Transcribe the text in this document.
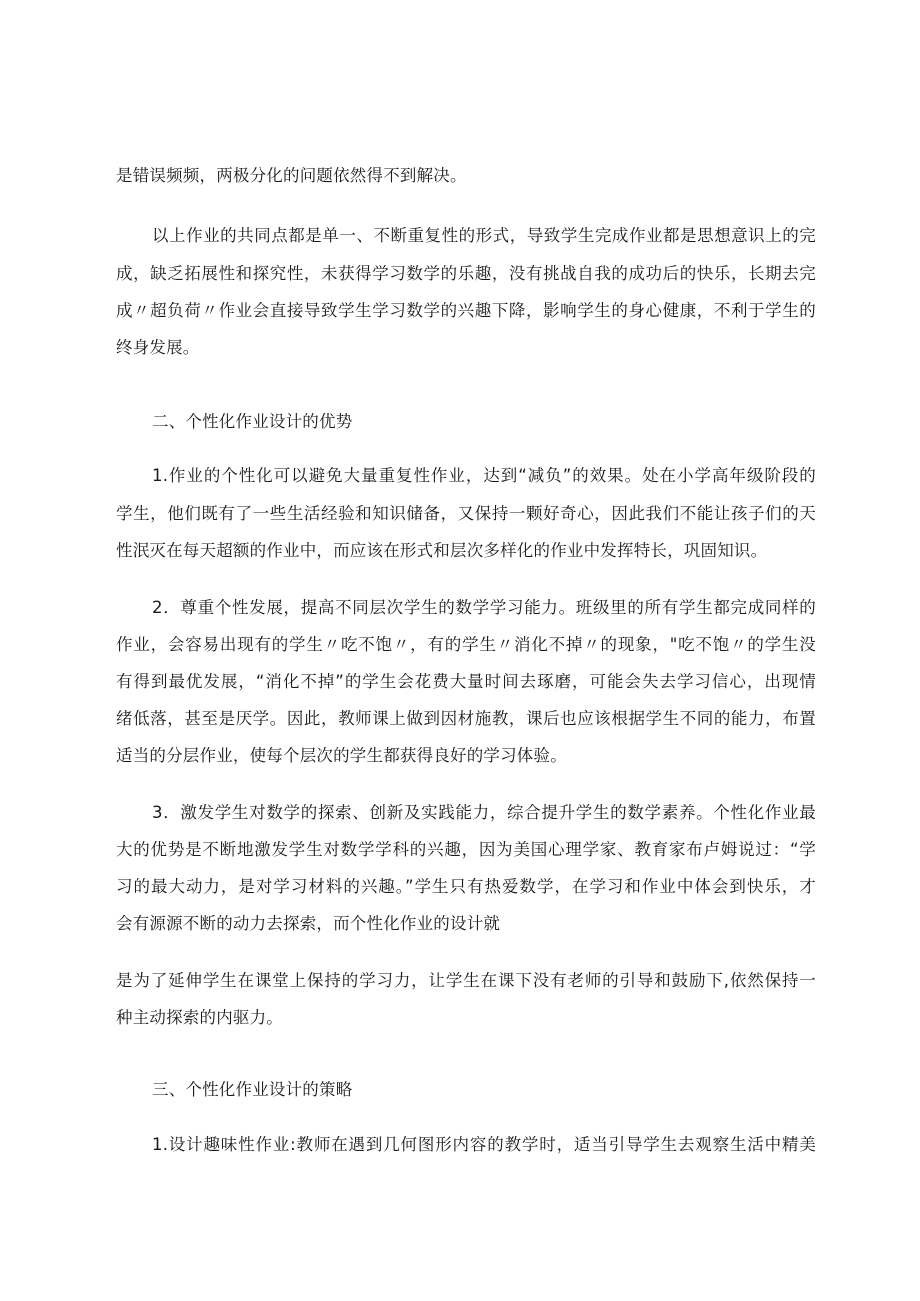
是错误频频，两极分化的问题依然得不到解决。
以上作业的共同点都是单一、不断重复性的形式，导致学生完成作业都是思想意识上的完
成，缺乏拓展性和探究性，未获得学习数学的乐趣，没有挑战自我的成功后的快乐，长期去完
成〃超负荷〃作业会直接导致学生学习数学的兴趣下降，影响学生的身心健康，不利于学生的
终身发展。
二、个性化作业设计的优势
1.作业的个性化可以避免大量重复性作业，达到“减负”的效果。处在小学高年级阶段的
学生，他们既有了一些生活经验和知识储备，又保持一颗好奇心，因此我们不能让孩子们的天
性泯灭在每天超额的作业中，而应该在形式和层次多样化的作业中发挥特长，巩固知识。
2．尊重个性发展，提高不同层次学生的数学学习能力。班级里的所有学生都完成同样的
作业，会容易出现有的学生〃吃不饱〃，有的学生〃消化不掉〃的现象，"吃不饱〃的学生没
有得到最优发展，“消化不掉”的学生会花费大量时间去琢磨，可能会失去学习信心，出现情
绪低落，甚至是厌学。因此，教师课上做到因材施教，课后也应该根据学生不同的能力，布置
适当的分层作业，使每个层次的学生都获得良好的学习体验。
3．激发学生对数学的探索、创新及实践能力，综合提升学生的数学素养。个性化作业最
大的优势是不断地激发学生对数学学科的兴趣，因为美国心理学家、教育家布卢姆说过：“学
习的最大动力，是对学习材料的兴趣。”学生只有热爱数学，在学习和作业中体会到快乐，才
会有源源不断的动力去探索，而个性化作业的设计就
是为了延伸学生在课堂上保持的学习力，让学生在课下没有老师的引导和鼓励下,依然保持一
种主动探索的内驱力。
三、个性化作业设计的策略
1.设计趣味性作业:教师在遇到几何图形内容的教学时，适当引导学生去观察生活中精美
